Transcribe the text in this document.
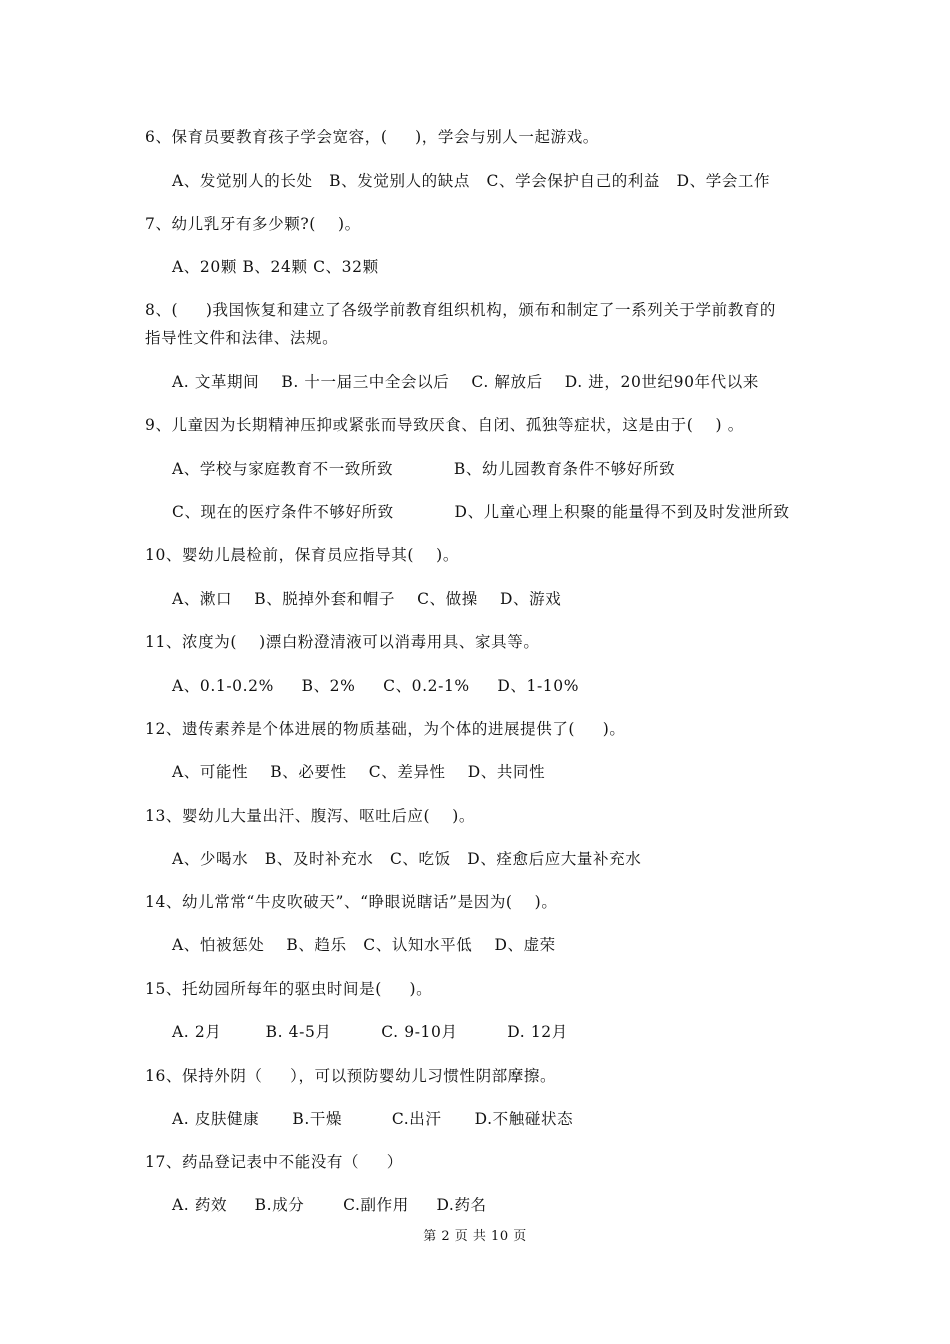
6、保育员要教育孩子学会宽容，(     )，学会与别人一起游戏。
A、发觉别人的长处   B、发觉别人的缺点   C、学会保护自己的利益   D、学会工作
7、幼儿乳牙有多少颗?(    )。
A、20颗 B、24颗 C、32颗
8、(     )我国恢复和建立了各级学前教育组织机构，颁布和制定了一系列关于学前教育的
指导性文件和法律、法规。
A. 文革期间    B. 十一届三中全会以后    C. 解放后    D. 进，20世纪90年代以来
9、儿童因为长期精神压抑或紧张而导致厌食、自闭、孤独等症状，这是由于(    ) 。
A、学校与家庭教育不一致所致           B、幼儿园教育条件不够好所致
C、现在的医疗条件不够好所致           D、儿童心理上积聚的能量得不到及时发泄所致
10、婴幼儿晨检前，保育员应指导其(    )。
A、漱口    B、脱掉外套和帽子    C、做操    D、游戏
11、浓度为(    )漂白粉澄清液可以消毒用具、家具等。
A、0.1-0.2%     B、2%     C、0.2-1%     D、1-10%
12、遗传素养是个体进展的物质基础，为个体的进展提供了(     )。
A、可能性    B、必要性    C、差异性    D、共同性
13、婴幼儿大量出汗、腹泻、呕吐后应(    )。
A、少喝水   B、及时补充水   C、吃饭   D、痊愈后应大量补充水
14、幼儿常常“牛皮吹破天”、“睁眼说瞎话”是因为(    )。
A、怕被惩处    B、趋乐   C、认知水平低    D、虚荣
15、托幼园所每年的驱虫时间是(     )。
A. 2月        B. 4-5月         C. 9-10月         D. 12月
16、保持外阴（     ），可以预防婴幼儿习惯性阴部摩擦。
A. 皮肤健康      B.干燥         C.出汗      D.不触碰状态
17、药品登记表中不能没有（     ）
A. 药效     B.成分       C.副作用     D.药名
第 2 页 共 10 页
